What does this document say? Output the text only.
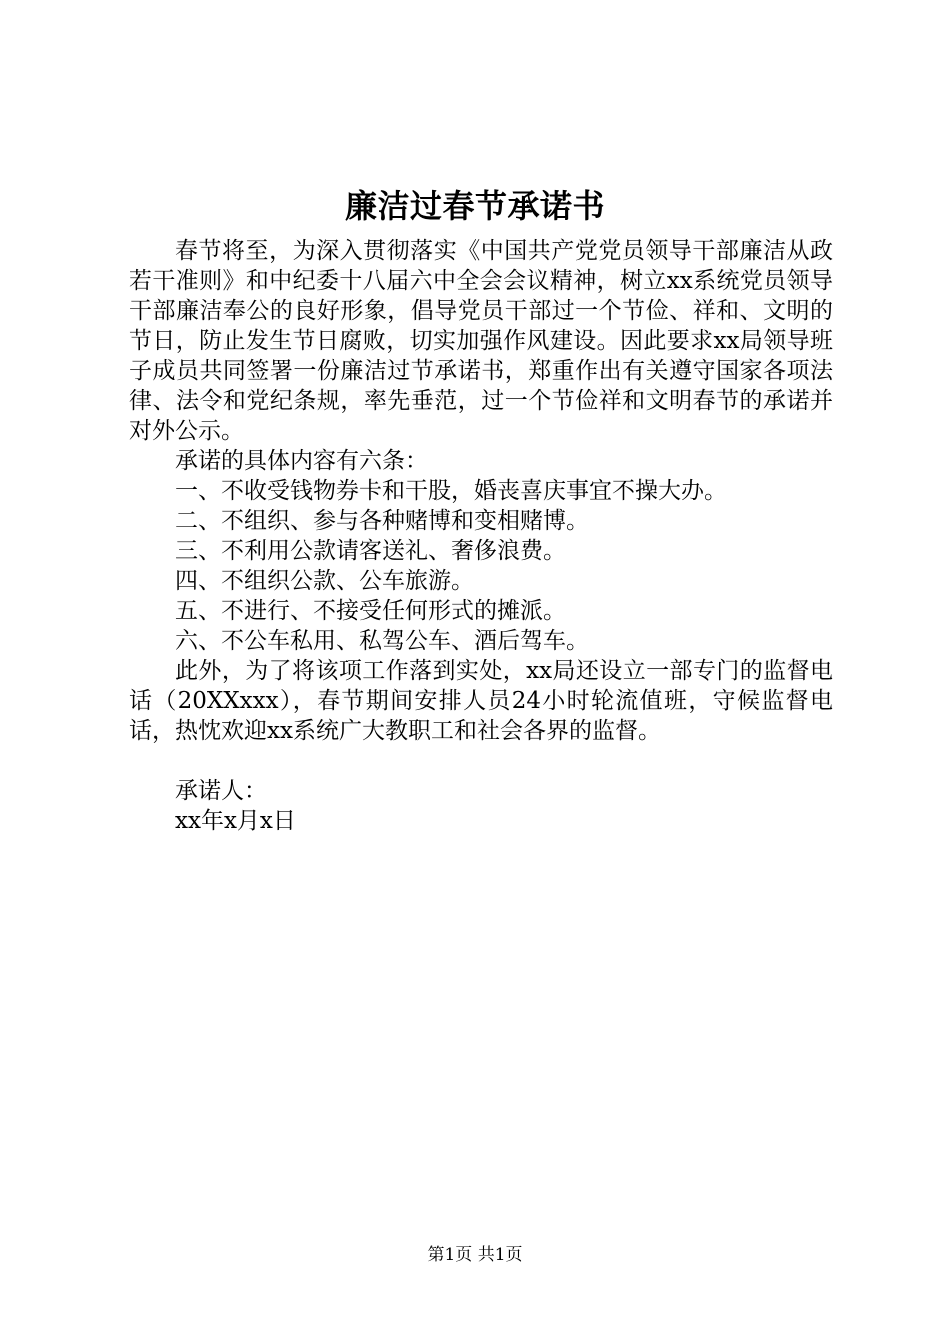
廉洁过春节承诺书

春节将至，为深入贯彻落实《中国共产党党员领导干部廉洁从政若干准则》和中纪委十八届六中全会会议精神，树立xx系统党员领导干部廉洁奉公的良好形象，倡导党员干部过一个节俭、祥和、文明的节日，防止发生节日腐败，切实加强作风建设。因此要求xx局领导班子成员共同签署一份廉洁过节承诺书，郑重作出有关遵守国家各项法律、法令和党纪条规，率先垂范，过一个节俭祥和文明春节的承诺并对外公示。

承诺的具体内容有六条：

一、不收受钱物券卡和干股，婚丧喜庆事宜不操大办。

二、不组织、参与各种赌博和变相赌博。

三、不利用公款请客送礼、奢侈浪费。

四、不组织公款、公车旅游。

五、不进行、不接受任何形式的摊派。

六、不公车私用、私驾公车、酒后驾车。

此外，为了将该项工作落到实处，xx局还设立一部专门的监督电话（20XXxxx），春节期间安排人员24小时轮流值班，守候监督电话，热忱欢迎xx系统广大教职工和社会各界的监督。

承诺人：

xx年x月x日

第1页 共1页
